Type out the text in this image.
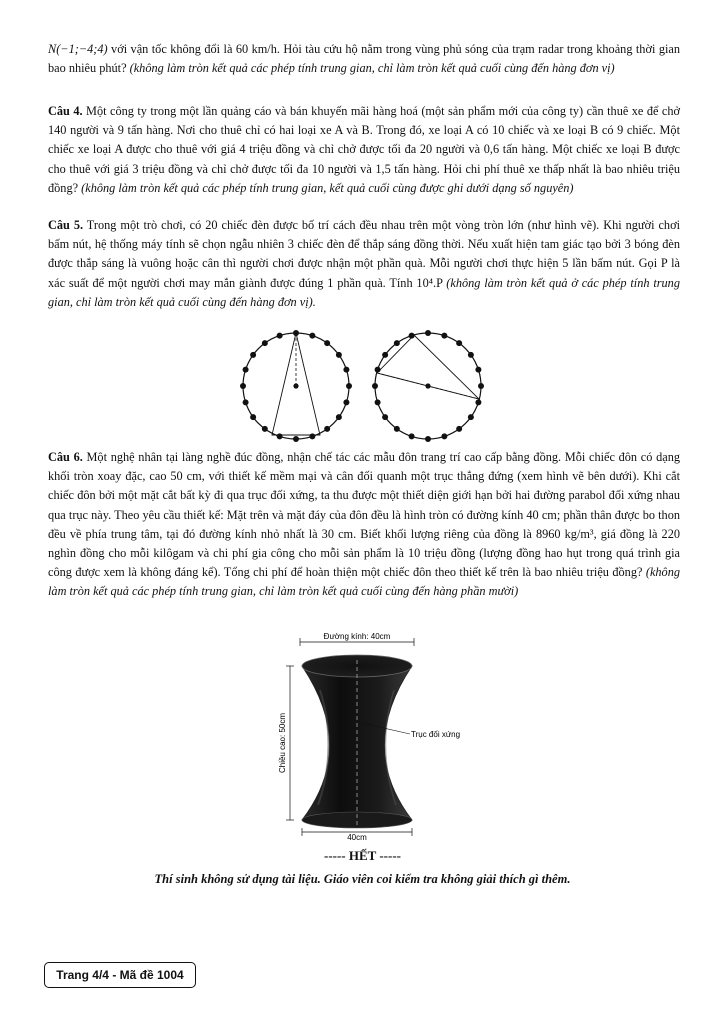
N(−1;−4;4) với vận tốc không đổi là 60 km/h. Hỏi tàu cứu hộ nằm trong vùng phủ sóng của trạm radar trong khoảng thời gian bao nhiêu phút? (không làm tròn kết quả các phép tính trung gian, chỉ làm tròn kết quả cuối cùng đến hàng đơn vị)
Câu 4. Một công ty trong một lần quảng cáo và bán khuyến mãi hàng hoá (một sản phẩm mới của công ty) cần thuê xe để chở 140 người và 9 tấn hàng. Nơi cho thuê chỉ có hai loại xe A và B. Trong đó, xe loại A có 10 chiếc và xe loại B có 9 chiếc. Một chiếc xe loại A được cho thuê với giá 4 triệu đồng và chỉ chở được tối đa 20 người và 0,6 tấn hàng. Một chiếc xe loại B được cho thuê với giá 3 triệu đồng và chỉ chở được tối đa 10 người và 1,5 tấn hàng. Hỏi chi phí thuê xe thấp nhất là bao nhiêu triệu đồng? (không làm tròn kết quả các phép tính trung gian, kết quả cuối cùng được ghi dưới dạng số nguyên)
Câu 5. Trong một trò chơi, có 20 chiếc đèn được bố trí cách đều nhau trên một vòng tròn lớn (như hình vẽ). Khi người chơi bấm nút, hệ thống máy tính sẽ chọn ngẫu nhiên 3 chiếc đèn để thắp sáng đồng thời. Nếu xuất hiện tam giác tạo bởi 3 bóng đèn được thắp sáng là vuông hoặc cân thì người chơi được nhận một phần quà. Mỗi người chơi thực hiện 5 lần bấm nút. Gọi P là xác suất để một người chơi may mắn giành được đúng 1 phần quà. Tính 10⁴.P (không làm tròn kết quả ở các phép tính trung gian, chỉ làm tròn kết quả cuối cùng đến hàng đơn vị).
Câu 6. Một nghệ nhân tại làng nghề đúc đồng, nhận chế tác các mẫu đôn trang trí cao cấp bằng đồng. Mỗi chiếc đôn có dạng khối tròn xoay đặc, cao 50 cm, với thiết kế mềm mại và cân đối quanh một trục thẳng đứng (xem hình vẽ bên dưới). Khi cắt chiếc đôn bởi một mặt cắt bất kỳ đi qua trục đối xứng, ta thu được một thiết diện giới hạn bởi hai đường parabol đối xứng nhau qua trục này. Theo yêu cầu thiết kế: Mặt trên và mặt đáy của đôn đều là hình tròn có đường kính 40 cm; phần thân được bo thon đều về phía trung tâm, tại đó đường kính nhỏ nhất là 30 cm. Biết khối lượng riêng của đồng là 8960 kg/m³, giá đồng là 220 nghìn đồng cho mỗi kilôgam và chi phí gia công cho mỗi sản phẩm là 10 triệu đồng (lượng đồng hao hụt trong quá trình gia công được xem là không đáng kể). Tổng chi phí để hoàn thiện một chiếc đôn theo thiết kế trên là bao nhiêu triệu đồng? (không làm tròn kết quả các phép tính trung gian, chỉ làm tròn kết quả cuối cùng đến hàng phần mười)
Đường kính: 40cm
Trục đối xứng
Chiều cao: 50cm
40cm
----- HẾT -----
Thí sinh không sử dụng tài liệu. Giáo viên coi kiểm tra không giải thích gì thêm.
Trang 4/4 - Mã đề 1004
